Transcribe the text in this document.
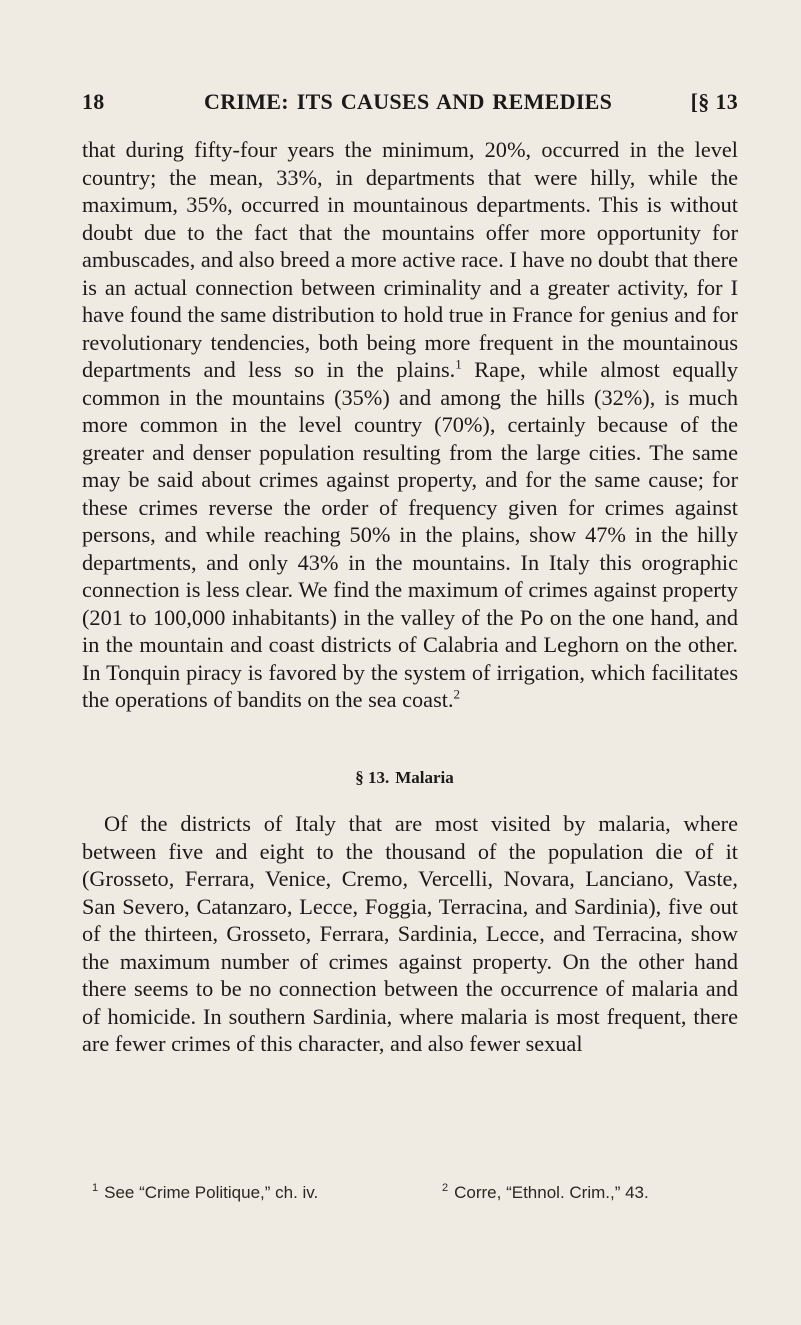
18	CRIME: ITS CAUSES AND REMEDIES	[§ 13

that during fifty-four years the minimum, 20%, occurred in the level country; the mean, 33%, in departments that were hilly, while the maximum, 35%, occurred in mountainous departments. This is without doubt due to the fact that the mountains offer more opportunity for ambuscades, and also breed a more active race. I have no doubt that there is an actual connection between criminality and a greater activity, for I have found the same distribution to hold true in France for genius and for revolutionary tendencies, both being more frequent in the mountainous departments and less so in the plains.$^1$ Rape, while almost equally common in the mountains (35%) and among the hills (32%), is much more common in the level country (70%), certainly because of the greater and denser population resulting from the large cities. The same may be said about crimes against property, and for the same cause; for these crimes reverse the order of frequency given for crimes against persons, and while reaching 50% in the plains, show 47% in the hilly departments, and only 43% in the mountains. In Italy this orographic connection is less clear. We find the maximum of crimes against property (201 to 100,000 inhabitants) in the valley of the Po on the one hand, and in the mountain and coast districts of Calabria and Leghorn on the other. In Tonquin piracy is favored by the system of irrigation, which facilitates the operations of bandits on the sea coast.$^2$

§ 13. Malaria

Of the districts of Italy that are most visited by malaria, where between five and eight to the thousand of the population die of it (Grosseto, Ferrara, Venice, Cremo, Vercelli, Novara, Lanciano, Vaste, San Severo, Catanzaro, Lecce, Foggia, Terracina, and Sardinia), five out of the thirteen, Grosseto, Ferrara, Sardinia, Lecce, and Terracina, show the maximum number of crimes against property. On the other hand there seems to be no connection between the occurrence of malaria and of homicide. In southern Sardinia, where malaria is most frequent, there are fewer crimes of this character, and also fewer sexual

$^1$ See “Crime Politique,” ch. iv.	$^2$ Corre, “Ethnol. Crim.,” 43.
